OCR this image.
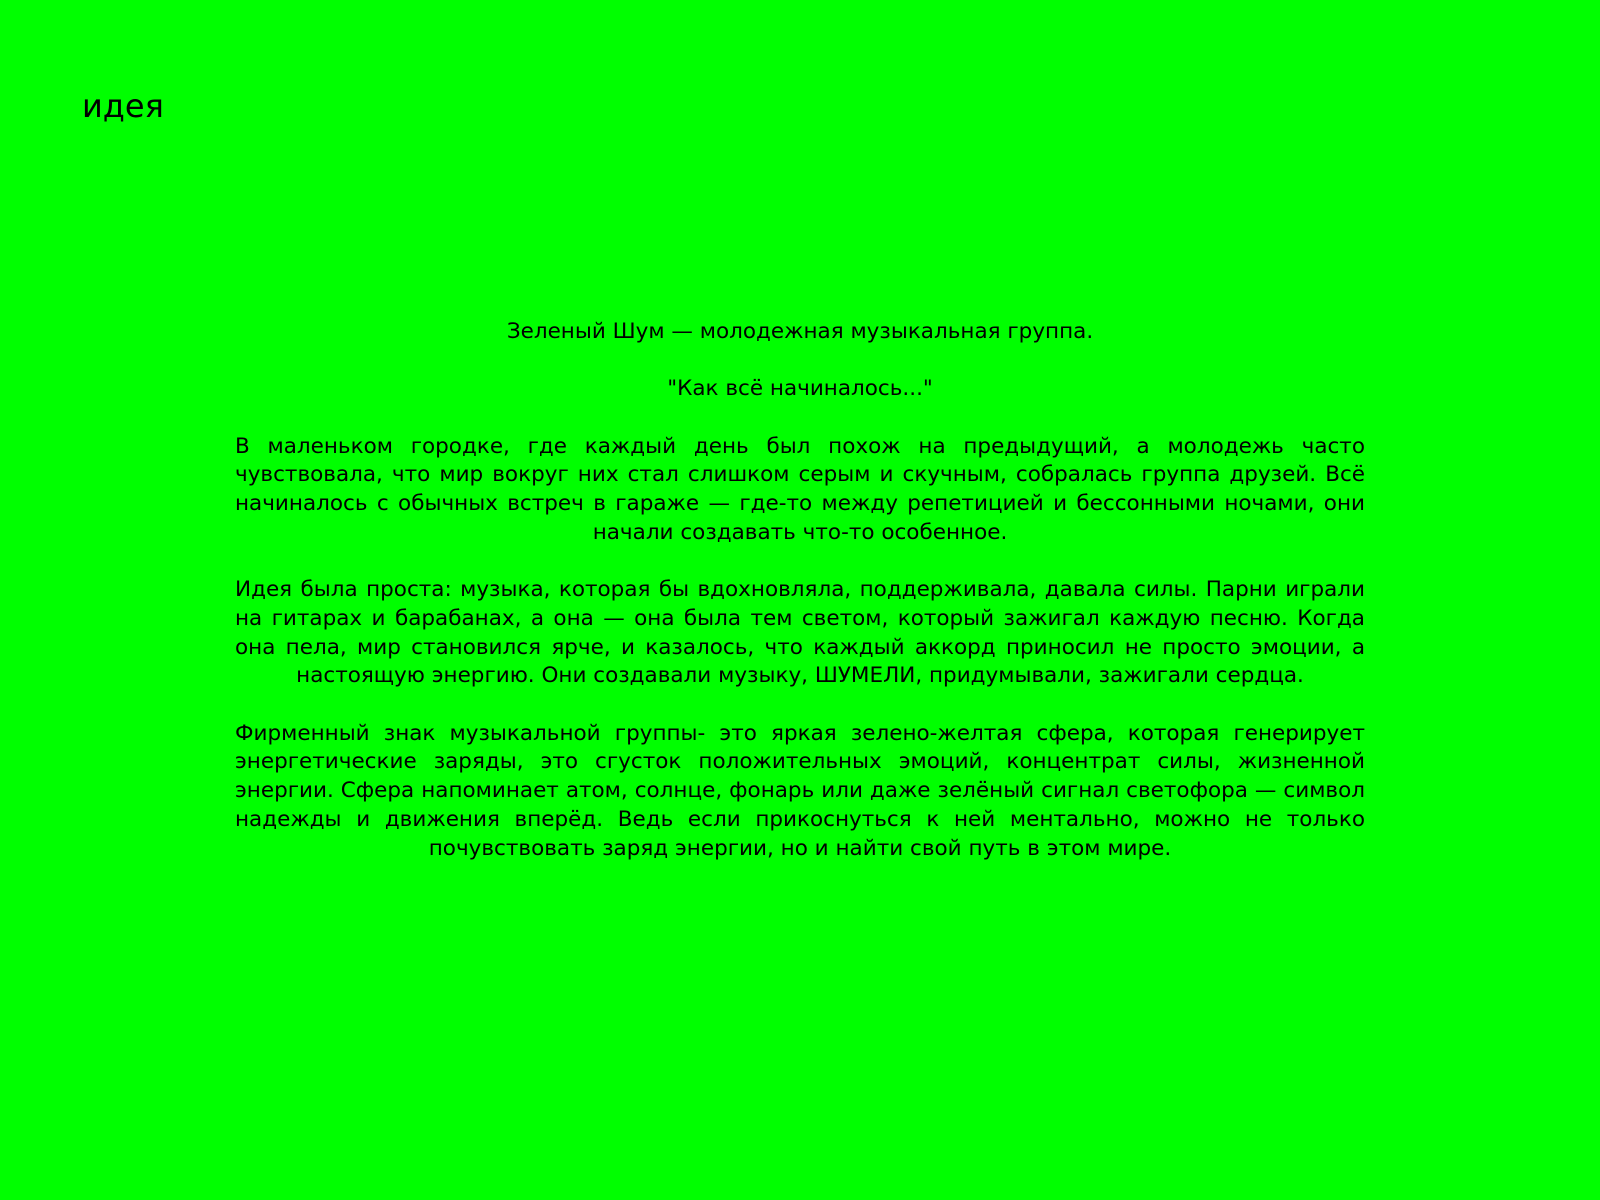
идея

Зеленый Шум — молодежная музыкальная группа.

"Как всё начиналось..."

В маленьком городке, где каждый день был похож на предыдущий, а молодежь часто чувствовала, что мир вокруг них стал слишком серым и скучным, собралась группа друзей. Всё начиналось с обычных встреч в гараже — где-то между репетицией и бессонными ночами, они начали создавать что-то особенное.

Идея была проста: музыка, которая бы вдохновляла, поддерживала, давала силы. Парни играли на гитарах и барабанах, а она — она была тем светом, который зажигал каждую песню. Когда она пела, мир становился ярче, и казалось, что каждый аккорд приносил не просто эмоции, а настоящую энергию. Они создавали музыку, ШУМЕЛИ, придумывали, зажигали сердца.

Фирменный знак музыкальной группы- это яркая зелено-желтая сфера, которая генерирует энергетические заряды, это сгусток положительных эмоций, концентрат силы, жизненной энергии. Сфера напоминает атом, солнце, фонарь или даже зелёный сигнал светофора — символ надежды и движения вперёд. Ведь если прикоснуться к ней ментально, можно не только почувствовать заряд энергии, но и найти свой путь в этом мире.
